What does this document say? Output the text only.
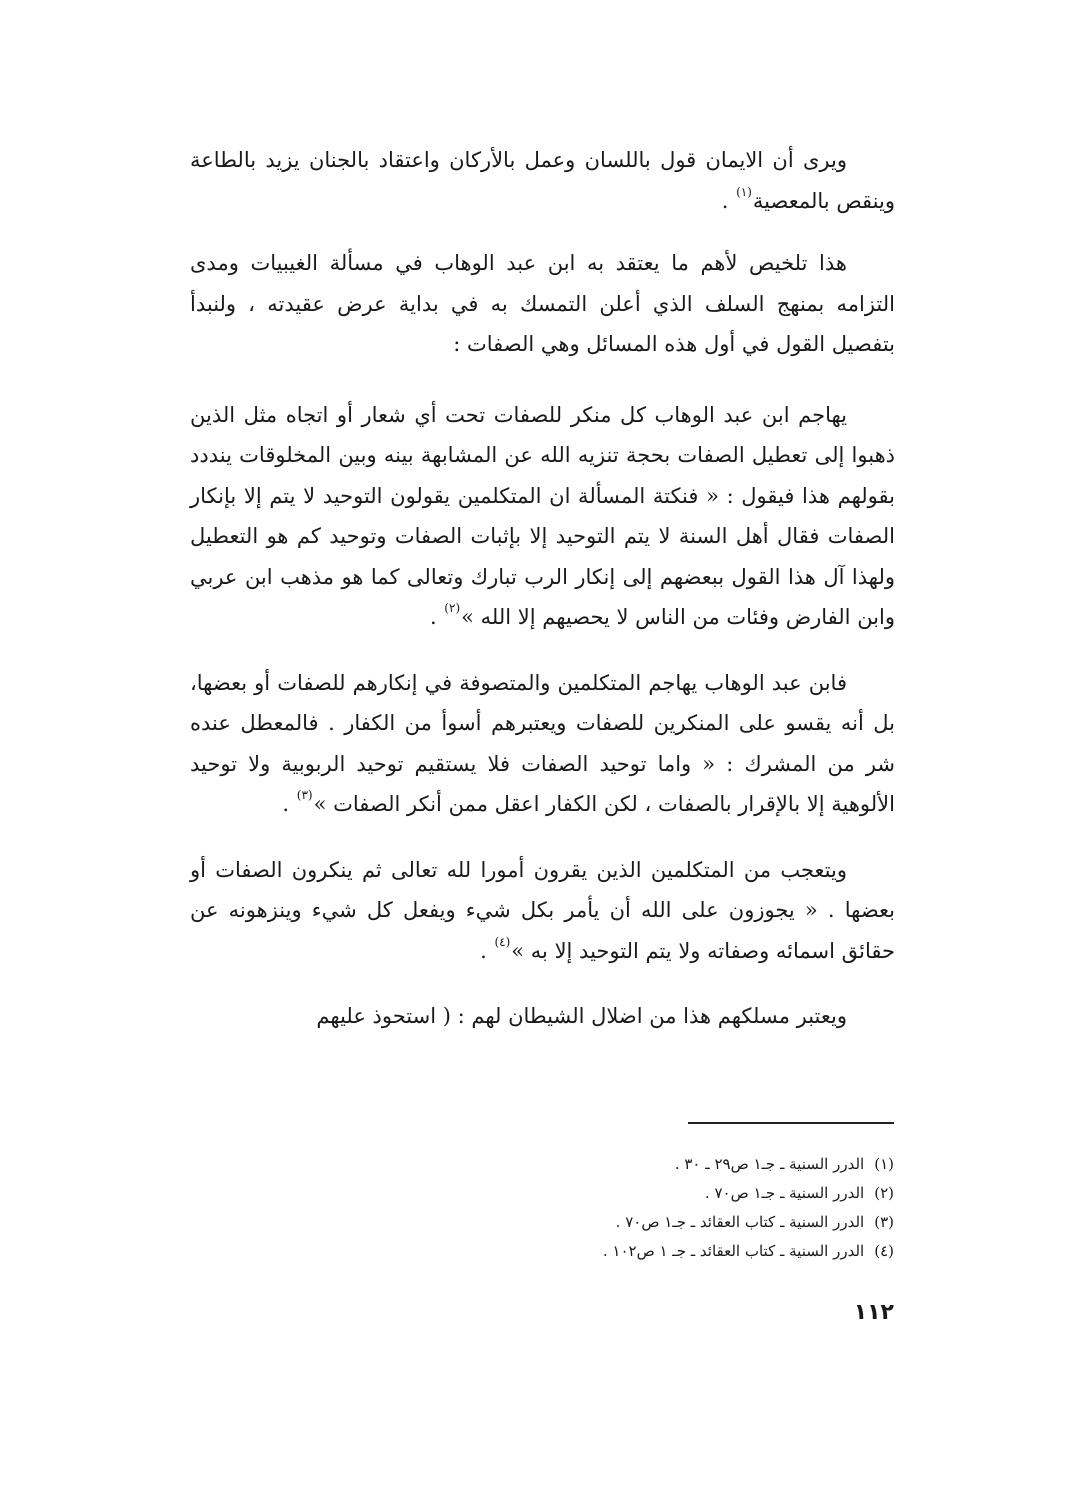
ويرى أن الايمان قول باللسان وعمل بالأركان واعتقاد بالجنان يزيد بالطاعة وينقص بالمعصية$^{(١)}$ .

هذا تلخيص لأهم ما يعتقد به ابن عبد الوهاب في مسألة الغيبيات ومدى التزامه بمنهج السلف الذي أعلن التمسك به في بداية عرض عقيدته ، ولنبدأ بتفصيل القول في أول هذه المسائل وهي الصفات :

يهاجم ابن عبد الوهاب كل منكر للصفات تحت أي شعار أو اتجاه مثل الذين ذهبوا إلى تعطيل الصفات بحجة تنزيه الله عن المشابهة بينه وبين المخلوقات ينددد بقولهم هذا فيقول : « فنكتة المسألة ان المتكلمين يقولون التوحيد لا يتم إلا بإنكار الصفات فقال أهل السنة لا يتم التوحيد إلا بإثبات الصفات وتوحيد كم هو التعطيل ولهذا آل هذا القول ببعضهم إلى إنكار الرب تبارك وتعالى كما هو مذهب ابن عربي وابن الفارض وفئات من الناس لا يحصيهم إلا الله »$^{(٢)}$ .

فابن عبد الوهاب يهاجم المتكلمين والمتصوفة في إنكارهم للصفات أو بعضها، بل أنه يقسو على المنكرين للصفات ويعتبرهم أسوأ من الكفار . فالمعطل عنده شر من المشرك : « واما توحيد الصفات فلا يستقيم توحيد الربوبية ولا توحيد الألوهية إلا بالإقرار بالصفات ، لكن الكفار اعقل ممن أنكر الصفات »$^{(٣)}$ .

ويتعجب من المتكلمين الذين يقرون أمورا لله تعالى ثم ينكرون الصفات أو بعضها . « يجوزون على الله أن يأمر بكل شيء ويفعل كل شيء وينزهونه عن حقائق اسمائه وصفاته ولا يتم التوحيد إلا به »$^{(٤)}$ .

ويعتبر مسلكهم هذا من اضلال الشيطان لهم : ( استحوذ عليهم

(١)الدرر السنية ـ جـ١ ص٢٩ ـ ٣٠ .

(٢)الدرر السنية ـ جـ١ ص٧٠ .

(٣)الدرر السنية ـ كتاب العقائد ـ جـ١ ص٧٠ .

(٤)الدرر السنية ـ كتاب العقائد ـ جـ ١ ص١٠٢ .

١١٢
